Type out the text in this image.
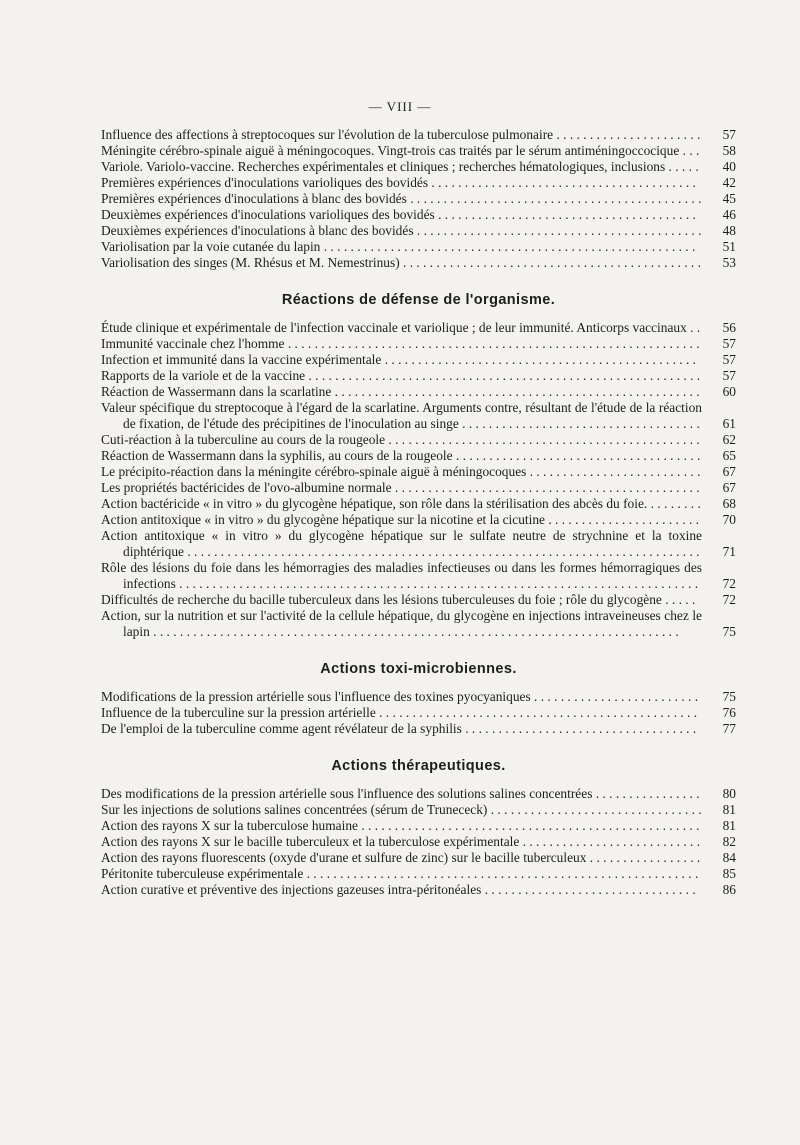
— VIII —
Influence des affections à streptocoques sur l'évolution de la tuberculose pulmonaire . . . . . . . . . . . . . . . . . . . . . .	57
Méningite cérébro-spinale aiguë à méningocoques. Vingt-trois cas traités par le sérum antiméningoccocique . . .	58
Variole. Variolo-vaccine. Recherches expérimentales et cliniques ; recherches hématologiques, inclusions . . . . .	40
Premières expériences d'inoculations varioliques des bovidés . . . . . . . . . . . . . . . . . . . . . . . . . . . . . . . . . . . . . . . .	42
Premières expériences d'inoculations à blanc des bovidés . . . . . . . . . . . . . . . . . . . . . . . . . . . . . . . . . . . . . . . . . . . .	45
Deuxièmes expériences d'inoculations varioliques des bovidés . . . . . . . . . . . . . . . . . . . . . . . . . . . . . . . . . . . . . . .	46
Deuxièmes expériences d'inoculations à blanc des bovidés . . . . . . . . . . . . . . . . . . . . . . . . . . . . . . . . . . . . . . . . . . .	48
Variolisation par la voie cutanée du lapin . . . . . . . . . . . . . . . . . . . . . . . . . . . . . . . . . . . . . . . . . . . . . . . . . . . . . . . .	51
Variolisation des singes (M. Rhésus et M. Nemestrinus) . . . . . . . . . . . . . . . . . . . . . . . . . . . . . . . . . . . . . . . . . . . . .	53
Réactions de défense de l'organisme.
Étude clinique et expérimentale de l'infection vaccinale et variolique ; de leur immunité. Anticorps vaccinaux . .	56
Immunité vaccinale chez l'homme . . . . . . . . . . . . . . . . . . . . . . . . . . . . . . . . . . . . . . . . . . . . . . . . . . . . . . . . . . . . . .	57
Infection et immunité dans la vaccine expérimentale . . . . . . . . . . . . . . . . . . . . . . . . . . . . . . . . . . . . . . . . . . . . . . .	57
Rapports de la variole et de la vaccine . . . . . . . . . . . . . . . . . . . . . . . . . . . . . . . . . . . . . . . . . . . . . . . . . . . . . . . . . . .	57
Réaction de Wassermann dans la scarlatine . . . . . . . . . . . . . . . . . . . . . . . . . . . . . . . . . . . . . . . . . . . . . . . . . . . . . . .	60
Valeur spécifique du streptocoque à l'égard de la scarlatine. Arguments contre, résultant de l'étude de la réaction de fixation, de l'étude des précipitines de l'inoculation au singe . . . . . . . . . . . . . . . . . . . . . . . . . . . . . . . . . . . .	61
Cuti-réaction à la tuberculine au cours de la rougeole . . . . . . . . . . . . . . . . . . . . . . . . . . . . . . . . . . . . . . . . . . . . . . .	62
Réaction de Wassermann dans la syphilis, au cours de la rougeole . . . . . . . . . . . . . . . . . . . . . . . . . . . . . . . . . . . . .	65
Le précipito-réaction dans la méningite cérébro-spinale aiguë à méningocoques . . . . . . . . . . . . . . . . . . . . . . . . . .	67
Les propriétés bactéricides de l'ovo-albumine normale . . . . . . . . . . . . . . . . . . . . . . . . . . . . . . . . . . . . . . . . . . . . . .	67
Action bactéricide « in vitro » du glycogène hépatique, son rôle dans la stérilisation des abcès du foie. . . . . . . . .	68
Action antitoxique « in vitro » du glycogène hépatique sur la nicotine et la cicutine . . . . . . . . . . . . . . . . . . . . . . .	70
Action antitoxique « in vitro » du glycogène hépatique sur le sulfate neutre de strychnine et la toxine diphtérique . . . . . . . . . . . . . . . . . . . . . . . . . . . . . . . . . . . . . . . . . . . . . . . . . . . . . . . . . . . . . . . . . . . . . . . . . . . . .	71
Rôle des lésions du foie dans les hémorragies des maladies infectieuses ou dans les formes hémorragiques des infections . . . . . . . . . . . . . . . . . . . . . . . . . . . . . . . . . . . . . . . . . . . . . . . . . . . . . . . . . . . . . . . . . . . . . . . . . . . . . .	72
Difficultés de recherche du bacille tuberculeux dans les lésions tuberculeuses du foie ; rôle du glycogène . . . . .	72
Action, sur la nutrition et sur l'activité de la cellule hépatique, du glycogène en injections intraveineuses chez le lapin . . . . . . . . . . . . . . . . . . . . . . . . . . . . . . . . . . . . . . . . . . . . . . . . . . . . . . . . . . . . . . . . . . . . . . . . . . . . . . .	75
Actions toxi-microbiennes.
Modifications de la pression artérielle sous l'influence des toxines pyocyaniques . . . . . . . . . . . . . . . . . . . . . . . . .	75
Influence de la tuberculine sur la pression artérielle . . . . . . . . . . . . . . . . . . . . . . . . . . . . . . . . . . . . . . . . . . . . . . . .	76
De l'emploi de la tuberculine comme agent révélateur de la syphilis . . . . . . . . . . . . . . . . . . . . . . . . . . . . . . . . . . .	77
Actions thérapeutiques.
Des modifications de la pression artérielle sous l'influence des solutions salines concentrées . . . . . . . . . . . . . . . .	80
Sur les injections de solutions salines concentrées (sérum de Trunececk) . . . . . . . . . . . . . . . . . . . . . . . . . . . . . . . .	81
Action des rayons X sur la tuberculose humaine . . . . . . . . . . . . . . . . . . . . . . . . . . . . . . . . . . . . . . . . . . . . . . . . . . .	81
Action des rayons X sur le bacille tuberculeux et la tuberculose expérimentale . . . . . . . . . . . . . . . . . . . . . . . . . . .	82
Action des rayons fluorescents (oxyde d'urane et sulfure de zinc) sur le bacille tuberculeux . . . . . . . . . . . . . . . . .	84
Péritonite tuberculeuse expérimentale . . . . . . . . . . . . . . . . . . . . . . . . . . . . . . . . . . . . . . . . . . . . . . . . . . . . . . . . . . .	85
Action curative et préventive des injections gazeuses intra-péritonéales . . . . . . . . . . . . . . . . . . . . . . . . . . . . . . . .	86
